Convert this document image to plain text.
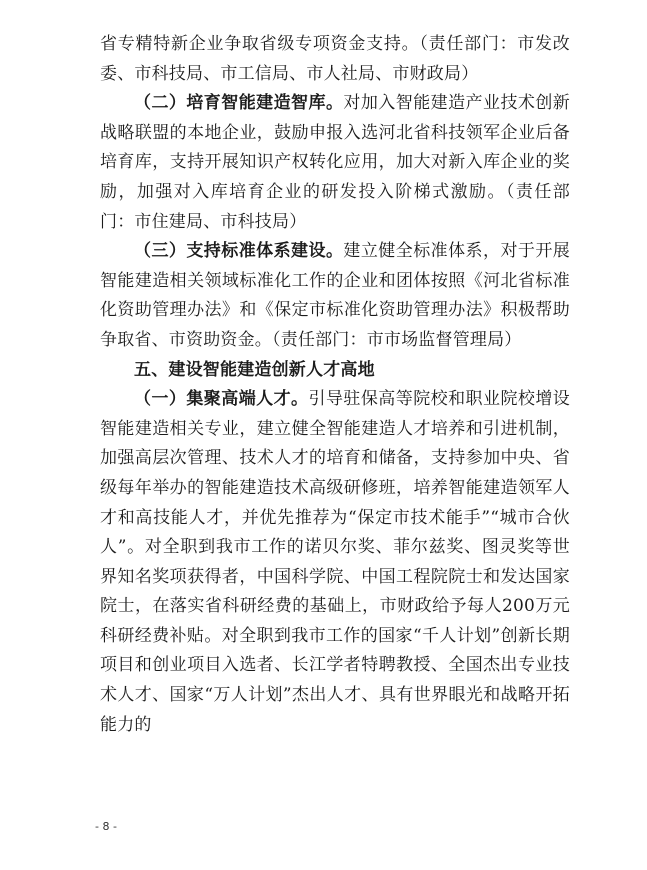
省专精特新企业争取省级专项资金支持。（责任部门：市发改委、市科技局、市工信局、市人社局、市财政局）

（二）培育智能建造智库。对加入智能建造产业技术创新战略联盟的本地企业，鼓励申报入选河北省科技领军企业后备培育库，支持开展知识产权转化应用，加大对新入库企业的奖励，加强对入库培育企业的研发投入阶梯式激励。（责任部门：市住建局、市科技局）

（三）支持标准体系建设。建立健全标准体系，对于开展智能建造相关领域标准化工作的企业和团体按照《河北省标准化资助管理办法》和《保定市标准化资助管理办法》积极帮助争取省、市资助资金。（责任部门：市市场监督管理局）

五、建设智能建造创新人才高地

（一）集聚高端人才。引导驻保高等院校和职业院校增设智能建造相关专业，建立健全智能建造人才培养和引进机制，加强高层次管理、技术人才的培育和储备，支持参加中央、省级每年举办的智能建造技术高级研修班，培养智能建造领军人才和高技能人才，并优先推荐为“保定市技术能手”“城市合伙人”。对全职到我市工作的诺贝尔奖、菲尔兹奖、图灵奖等世界知名奖项获得者，中国科学院、中国工程院院士和发达国家院士，在落实省科研经费的基础上，市财政给予每人200万元科研经费补贴。对全职到我市工作的国家“千人计划”创新长期项目和创业项目入选者、长江学者特聘教授、全国杰出专业技术人才、国家“万人计划”杰出人才、具有世界眼光和战略开拓能力的

- 8 -
